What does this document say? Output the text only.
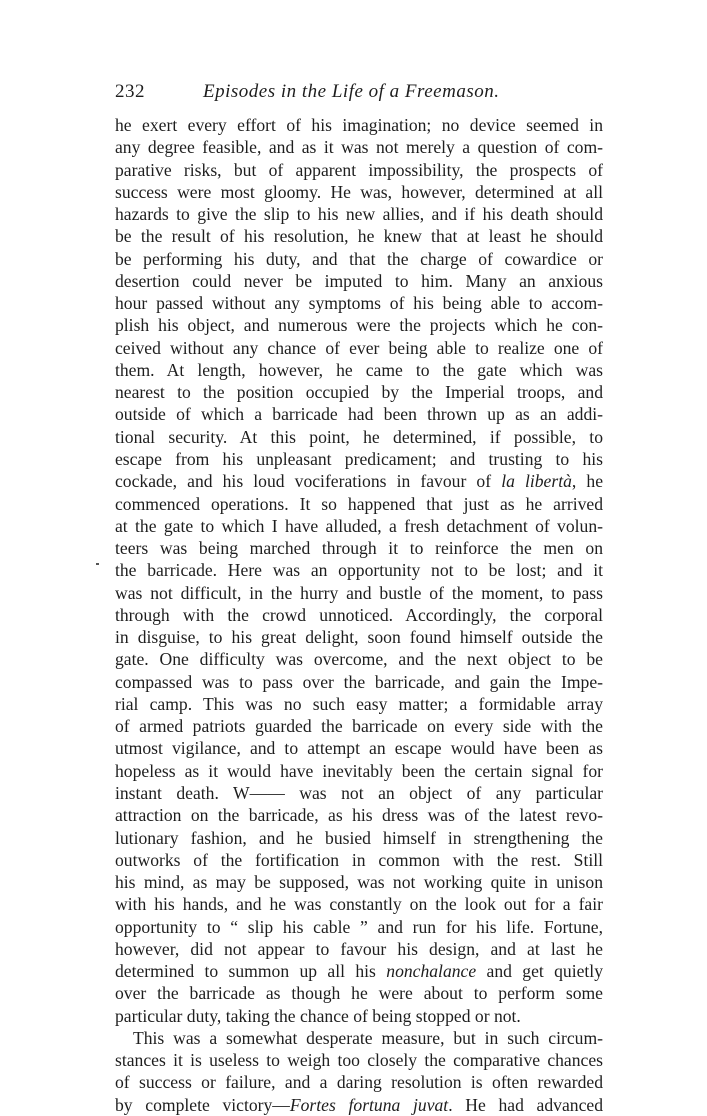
232	Episodes in the Life of a Freemason.
he exert every effort of his imagination; no device seemed in
any degree feasible, and as it was not merely a question of com-
parative risks, but of apparent impossibility, the prospects of
success were most gloomy. He was, however, determined at all
hazards to give the slip to his new allies, and if his death should
be the result of his resolution, he knew that at least he should
be performing his duty, and that the charge of cowardice or
desertion could never be imputed to him. Many an anxious
hour passed without any symptoms of his being able to accom-
plish his object, and numerous were the projects which he con-
ceived without any chance of ever being able to realize one of
them. At length, however, he came to the gate which was
nearest to the position occupied by the Imperial troops, and
outside of which a barricade had been thrown up as an addi-
tional security. At this point, he determined, if possible, to
escape from his unpleasant predicament; and trusting to his
cockade, and his loud vociferations in favour of la libertà, he
commenced operations. It so happened that just as he arrived
at the gate to which I have alluded, a fresh detachment of volun-
teers was being marched through it to reinforce the men on
the barricade. Here was an opportunity not to be lost; and it
was not difficult, in the hurry and bustle of the moment, to pass
through with the crowd unnoticed. Accordingly, the corporal
in disguise, to his great delight, soon found himself outside the
gate. One difficulty was overcome, and the next object to be
compassed was to pass over the barricade, and gain the Impe-
rial camp. This was no such easy matter; a formidable array
of armed patriots guarded the barricade on every side with the
utmost vigilance, and to attempt an escape would have been as
hopeless as it would have inevitably been the certain signal for
instant death. W—— was not an object of any particular
attraction on the barricade, as his dress was of the latest revo-
lutionary fashion, and he busied himself in strengthening the
outworks of the fortification in common with the rest. Still
his mind, as may be supposed, was not working quite in unison
with his hands, and he was constantly on the look out for a fair
opportunity to “ slip his cable ” and run for his life. Fortune,
however, did not appear to favour his design, and at last he
determined to summon up all his nonchalance and get quietly
over the barricade as though he were about to perform some
particular duty, taking the chance of being stopped or not.
This was a somewhat desperate measure, but in such circum-
stances it is useless to weigh too closely the comparative chances
of success or failure, and a daring resolution is often rewarded
by complete victory—Fortes fortuna juvat. He had advanced
